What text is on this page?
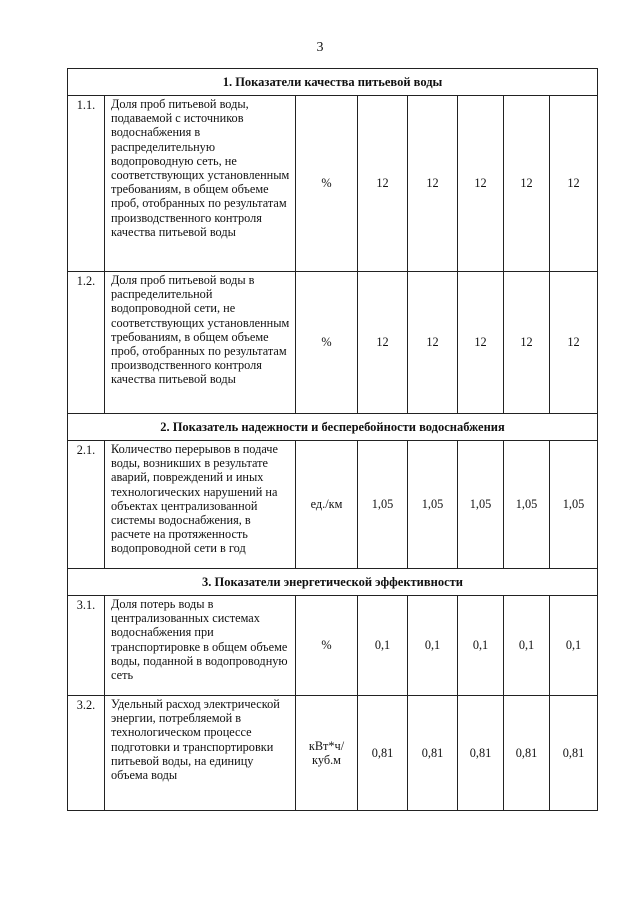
3
1. Показатели качества питьевой воды							
1.1.	Доля проб питьевой воды, подаваемой с источников водоснабжения в распределительную водопроводную сеть, не соответствующих установленным требованиям, в общем объеме проб, отобранных по результатам производственного контроля качества питьевой воды	%	12	12	12	12	12
1.2.	Доля проб питьевой воды в распределительной водопроводной сети, не соответствующих установленным требованиям, в общем объеме проб, отобранных по результатам производственного контроля качества питьевой воды	%	12	12	12	12	12
2. Показатель надежности и бесперебойности водоснабжения							
2.1.	Количество перерывов в подаче воды, возникших в результате аварий, повреждений и иных технологических нарушений на объектах централизованной системы водоснабжения, в расчете на протяженность водопроводной сети в год	ед./км	1,05	1,05	1,05	1,05	1,05
3. Показатели энергетической эффективности							
3.1.	Доля потерь воды в централизованных системах водоснабжения при транспортировке в общем объеме воды, поданной в водопроводную сеть	%	0,1	0,1	0,1	0,1	0,1
3.2.	Удельный расход электрической энергии, потребляемой в технологическом процессе подготовки и транспортировки питьевой воды, на единицу объема воды	кВт*ч/ куб.м	0,81	0,81	0,81	0,81	0,81
